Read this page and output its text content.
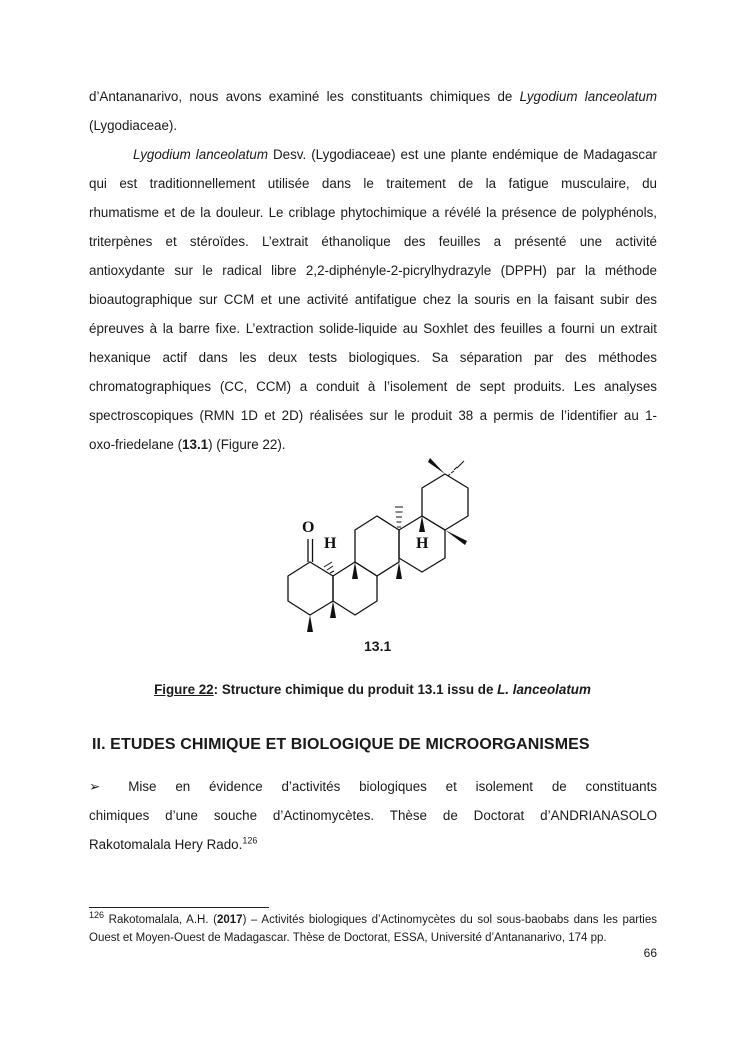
d’Antananarivo, nous avons examiné les constituants chimiques de Lygodium lanceolatum
(Lygodiaceae).
Lygodium lanceolatum Desv. (Lygodiaceae) est une plante endémique de Madagascar
qui est traditionnellement utilisée dans le traitement de la fatigue musculaire, du
rhumatisme et de la douleur. Le criblage phytochimique a révélé la présence de polyphénols,
triterpènes et stéroïdes. L’extrait éthanolique des feuilles a présenté une activité
antioxydante sur le radical libre 2,2-diphényle-2-picrylhydrazyle (DPPH) par la méthode
bioautographique sur CCM et une activité antifatigue chez la souris en la faisant subir des
épreuves à la barre fixe. L’extraction solide-liquide au Soxhlet des feuilles a fourni un extrait
hexanique actif dans les deux tests biologiques. Sa séparation par des méthodes
chromatographiques (CC, CCM) a conduit à l’isolement de sept produits. Les analyses
spectroscopiques (RMN 1D et 2D) réalisées sur le produit 38 a permis de l’identifier au 1-
oxo-friedelane (13.1) (Figure 22).
O
H	H
13.1
Figure 22: Structure chimique du produit 13.1 issu de L. lanceolatum
II. ETUDES CHIMIQUE ET BIOLOGIQUE DE MICROORGANISMES
➢ Mise en évidence d’activités biologiques et isolement de constituants
chimiques d’une souche d’Actinomycètes. Thèse de Doctorat d’ANDRIANASOLO
Rakotomalala Hery Rado.$^{126}$
$^{126}$ Rakotomalala, A.H. (2017) – Activités biologiques d’Actinomycètes du sol sous-baobabs dans les parties
Ouest et Moyen-Ouest de Madagascar. Thèse de Doctorat, ESSA, Université d’Antananarivo, 174 pp.
66
